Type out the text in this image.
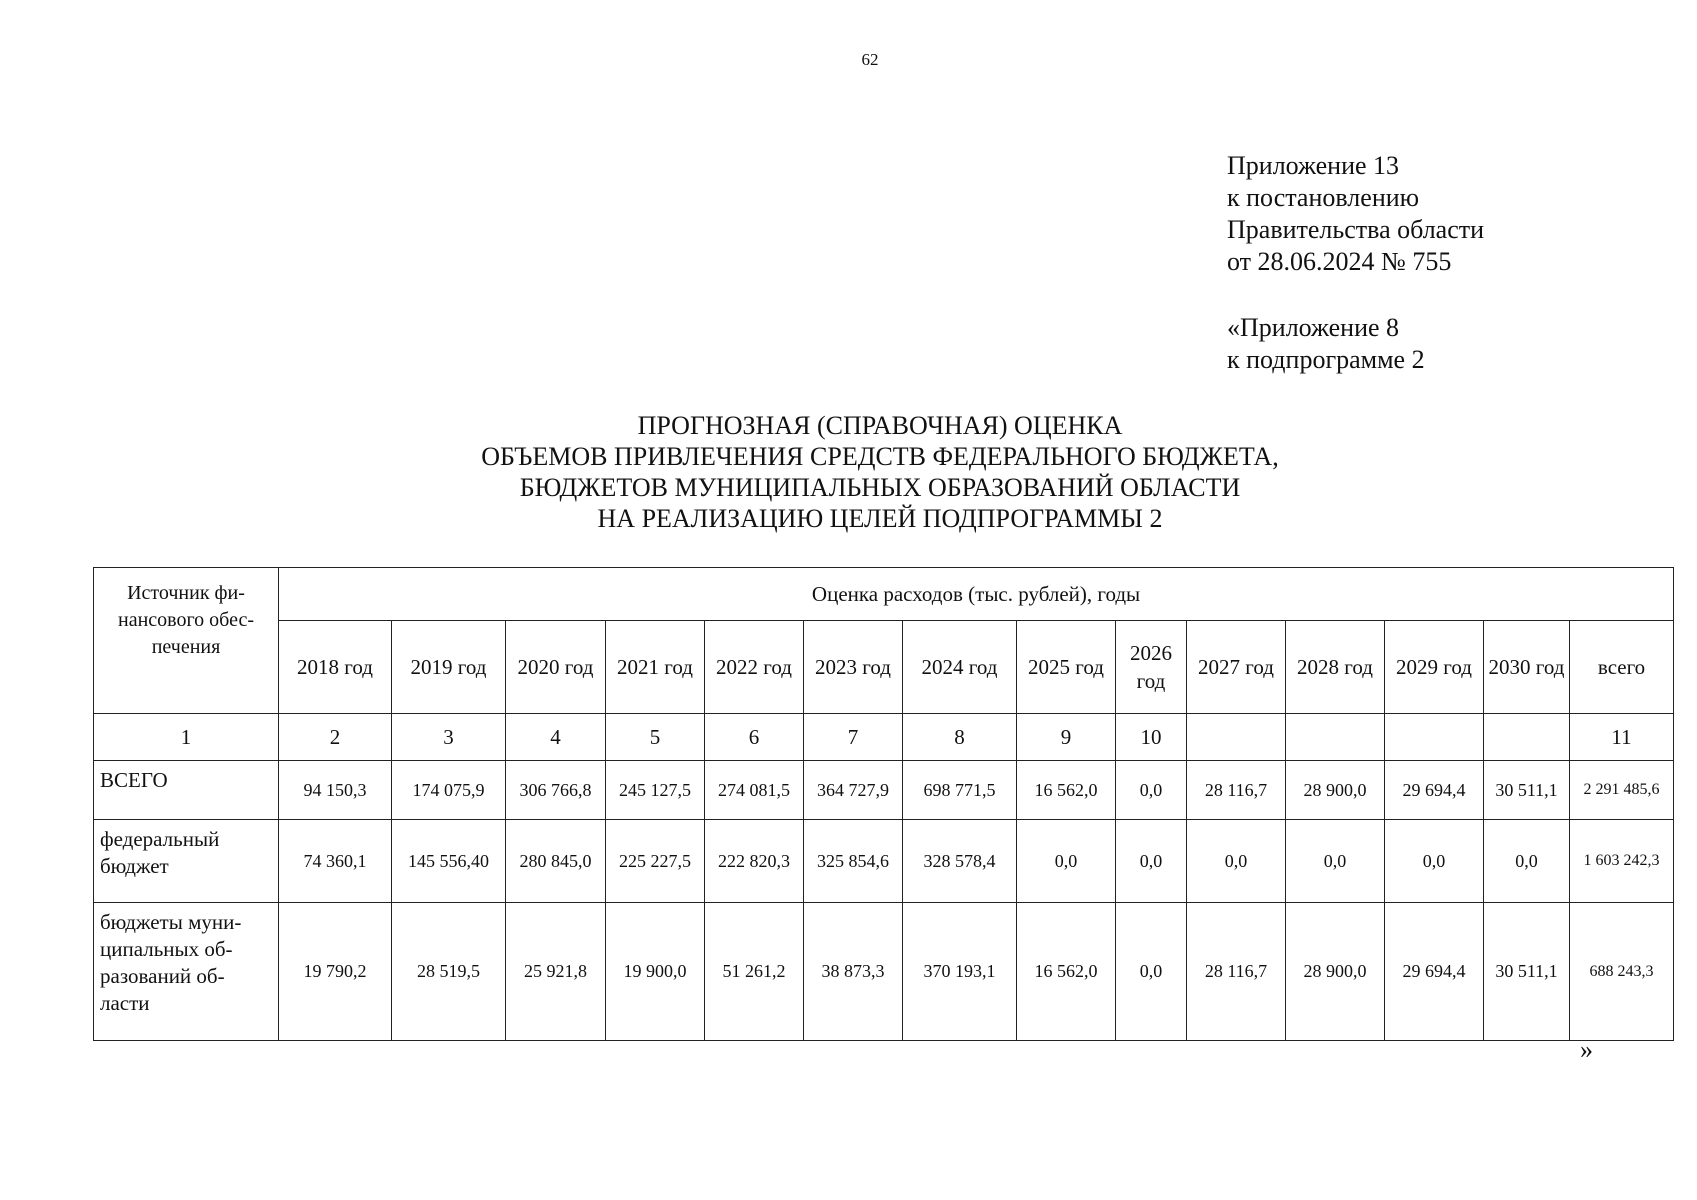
62
Приложение 13
к постановлению
Правительства области
от 28.06.2024 № 755
«Приложение 8
к подпрограмме 2
ПРОГНОЗНАЯ (СПРАВОЧНАЯ) ОЦЕНКА
ОБЪЕМОВ ПРИВЛЕЧЕНИЯ СРЕДСТВ ФЕДЕРАЛЬНОГО БЮДЖЕТА,
БЮДЖЕТОВ МУНИЦИПАЛЬНЫХ ОБРАЗОВАНИЙ ОБЛАСТИ
НА РЕАЛИЗАЦИЮ ЦЕЛЕЙ ПОДПРОГРАММЫ 2
Источник фи-нансового обес-печения	Оценка расходов (тыс. рублей), годы													
	2018 год	2019 год	2020 год	2021 год	2022 год	2023 год	2024 год	2025 год	2026 год	2027 год	2028 год	2029 год	2030 год	всего
1	2	3	4	5	6	7	8	9	10					11
ВСЕГО	94 150,3	174 075,9	306 766,8	245 127,5	274 081,5	364 727,9	698 771,5	16 562,0	0,0	28 116,7	28 900,0	29 694,4	30 511,1	2 291 485,6
федеральный бюджет	74 360,1	145 556,40	280 845,0	225 227,5	222 820,3	325 854,6	328 578,4	0,0	0,0	0,0	0,0	0,0	0,0	1 603 242,3
бюджеты муни-ципальных об-разований об-ласти	19 790,2	28 519,5	25 921,8	19 900,0	51 261,2	38 873,3	370 193,1	16 562,0	0,0	28 116,7	28 900,0	29 694,4	30 511,1	688 243,3
»
